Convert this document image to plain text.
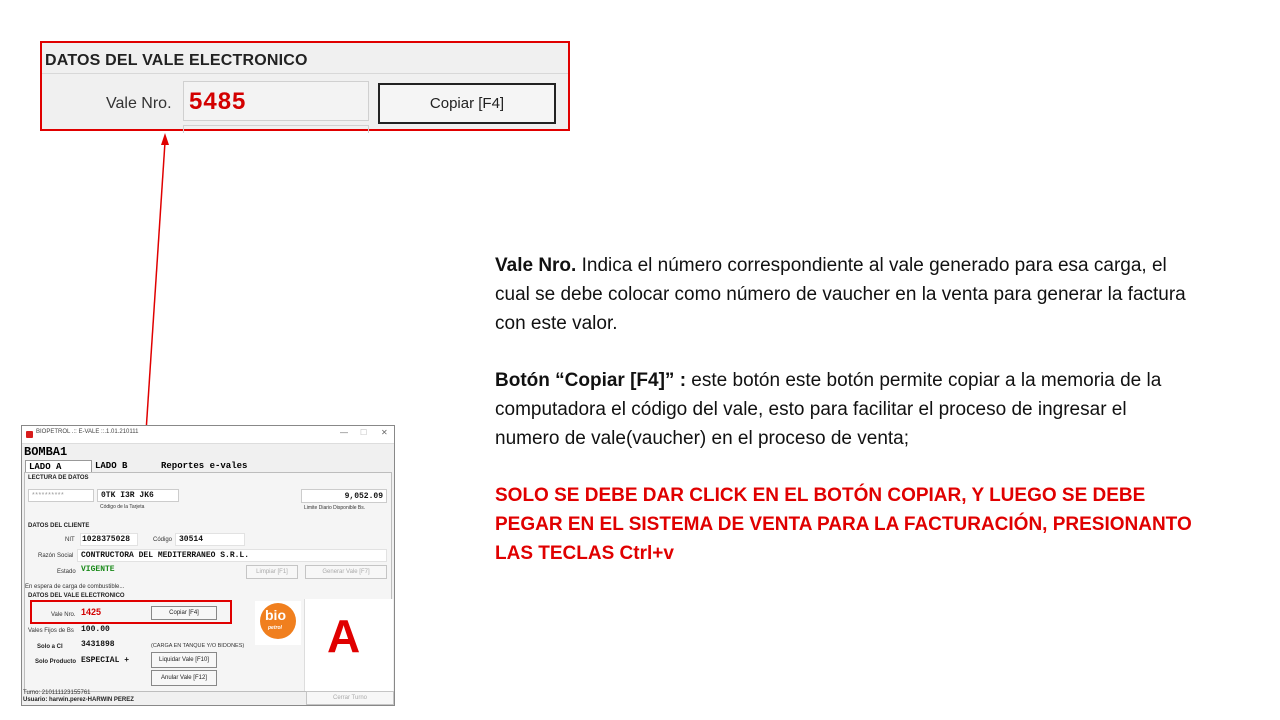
DATOS DEL VALE ELECTRONICO
Vale Nro. 5485	Copiar [F4]
BIOPETROL .:: E-VALE ::.1.01.210111	— ☐ ✕
BOMBA1
LADO A	LADO B	Reportes e-vales
LECTURA DE DATOS
**********	0TK I3R JK6
Código de la Tarjeta
9,052.09
Limite Diario Disponible Bs.
DATOS DEL CLIENTE
NIT 1028375028	Código 30514
Razón Social CONTRUCTORA DEL MEDITERRANEO S.R.L.
Estado VIGENTE	Limpiar [F1]	Generar Vale [F7]
En espera de carga de combustible...
DATOS DEL VALE ELECTRONICO
A
bio
petrol
Vale Nro. 1425	Copiar [F4]
Vales Fijos de Bs 100.00
Solo a CI 3431898	(CARGA EN TANQUE Y/O BIDONES)
Solo Producto ESPECIAL +	Liquidar Vale [F10]
Anular Vale [F12]
Turno: 210111123155761
Usuario: harwin.perez-HARWIN PEREZ	Cerrar Turno
Vale Nro. Indica el número correspondiente al vale generado para esa carga, el cual se debe colocar como número de vaucher en la venta para generar la factura con este valor.
Botón “Copiar [F4]” : este botón este botón permite copiar a la memoria de la computadora el código del vale, esto para facilitar el proceso de ingresar el numero de vale(vaucher) en el proceso de venta;
SOLO SE DEBE DAR CLICK EN EL BOTÓN COPIAR, Y LUEGO SE DEBE PEGAR EN EL SISTEMA DE VENTA PARA LA FACTURACIÓN, PRESIONANTO LAS TECLAS Ctrl+v
